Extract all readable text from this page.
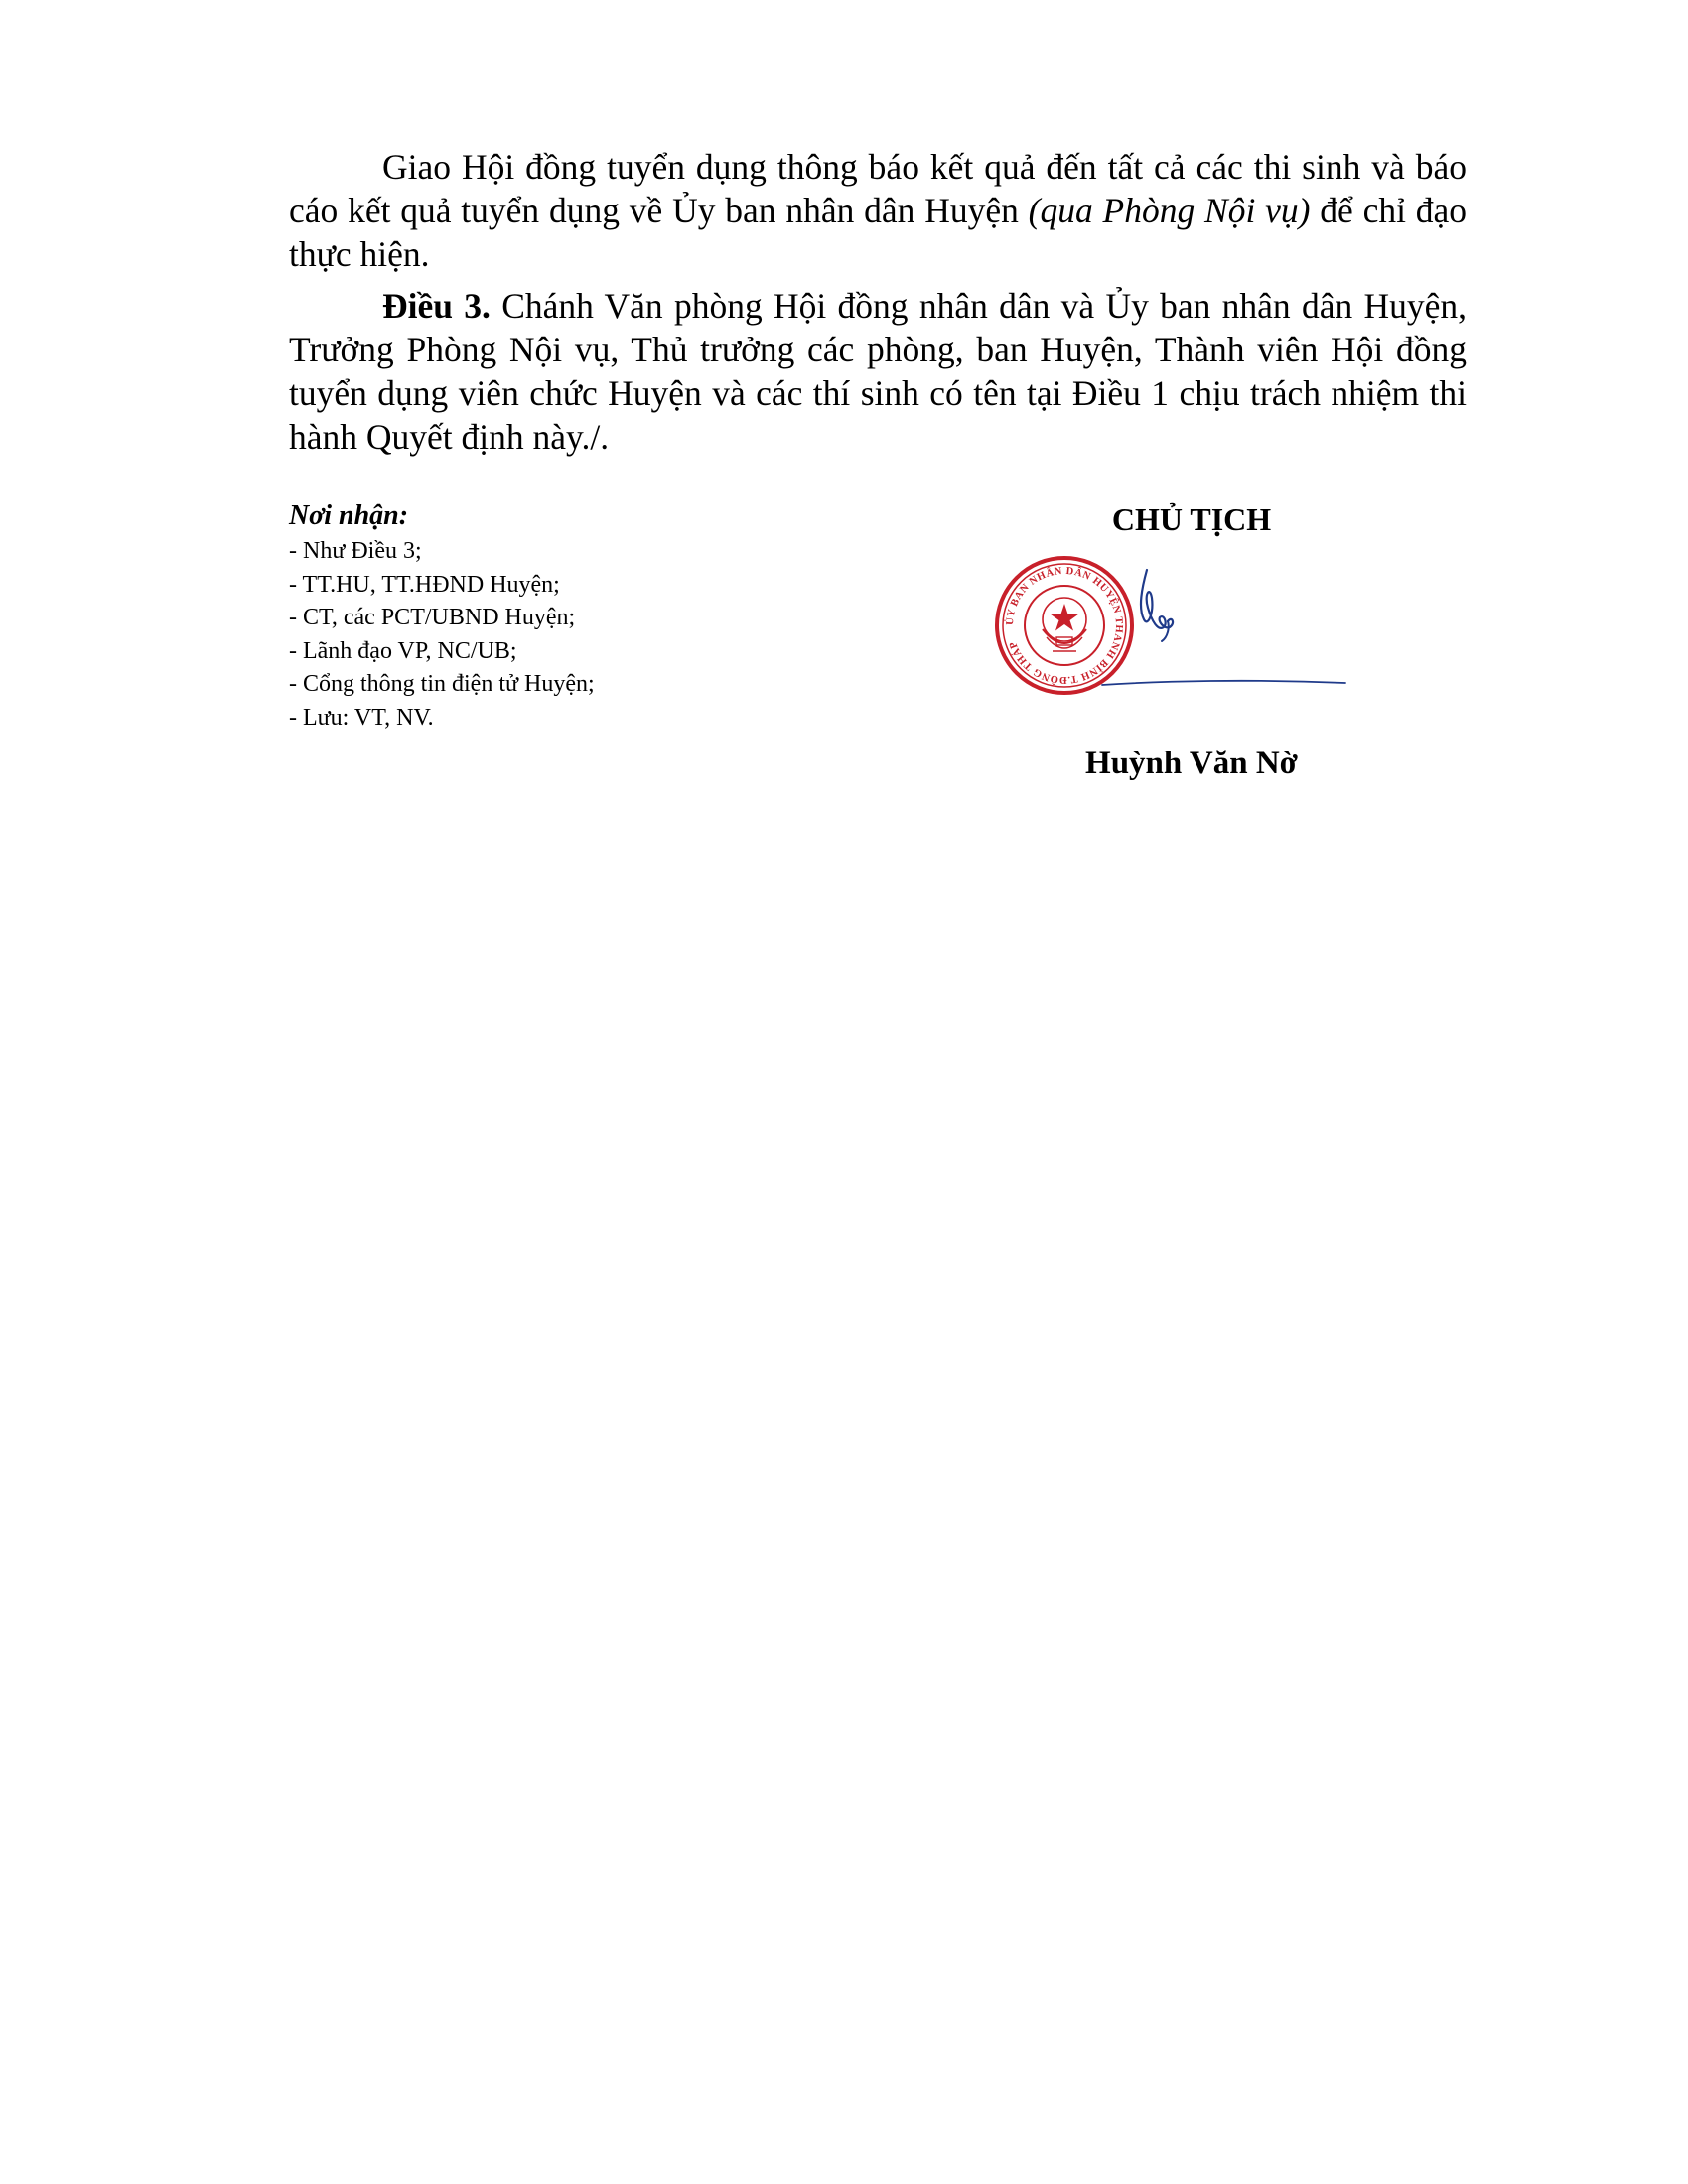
Giao Hội đồng tuyển dụng thông báo kết quả đến tất cả các thi sinh và báo cáo kết quả tuyển dụng về Ủy ban nhân dân Huyện (qua Phòng Nội vụ) để chỉ đạo thực hiện.

Điều 3. Chánh Văn phòng Hội đồng nhân dân và Ủy ban nhân dân Huyện, Trưởng Phòng Nội vụ, Thủ trưởng các phòng, ban Huyện, Thành viên Hội đồng tuyển dụng viên chức Huyện và các thí sinh có tên tại Điều 1 chịu trách nhiệm thi hành Quyết định này./.

Nơi nhận:
- Như Điều 3;
- TT.HU, TT.HĐND Huyện;
- CT, các PCT/UBND Huyện;
- Lãnh đạo VP, NC/UB;
- Cổng thông tin điện tử Huyện;
- Lưu: VT, NV.
CHỦ TỊCH
ỦY BAN NHÂN DÂN HUYỆN THANH BÌNH T.ĐỒNG THÁP
Huỳnh Văn Nờ
